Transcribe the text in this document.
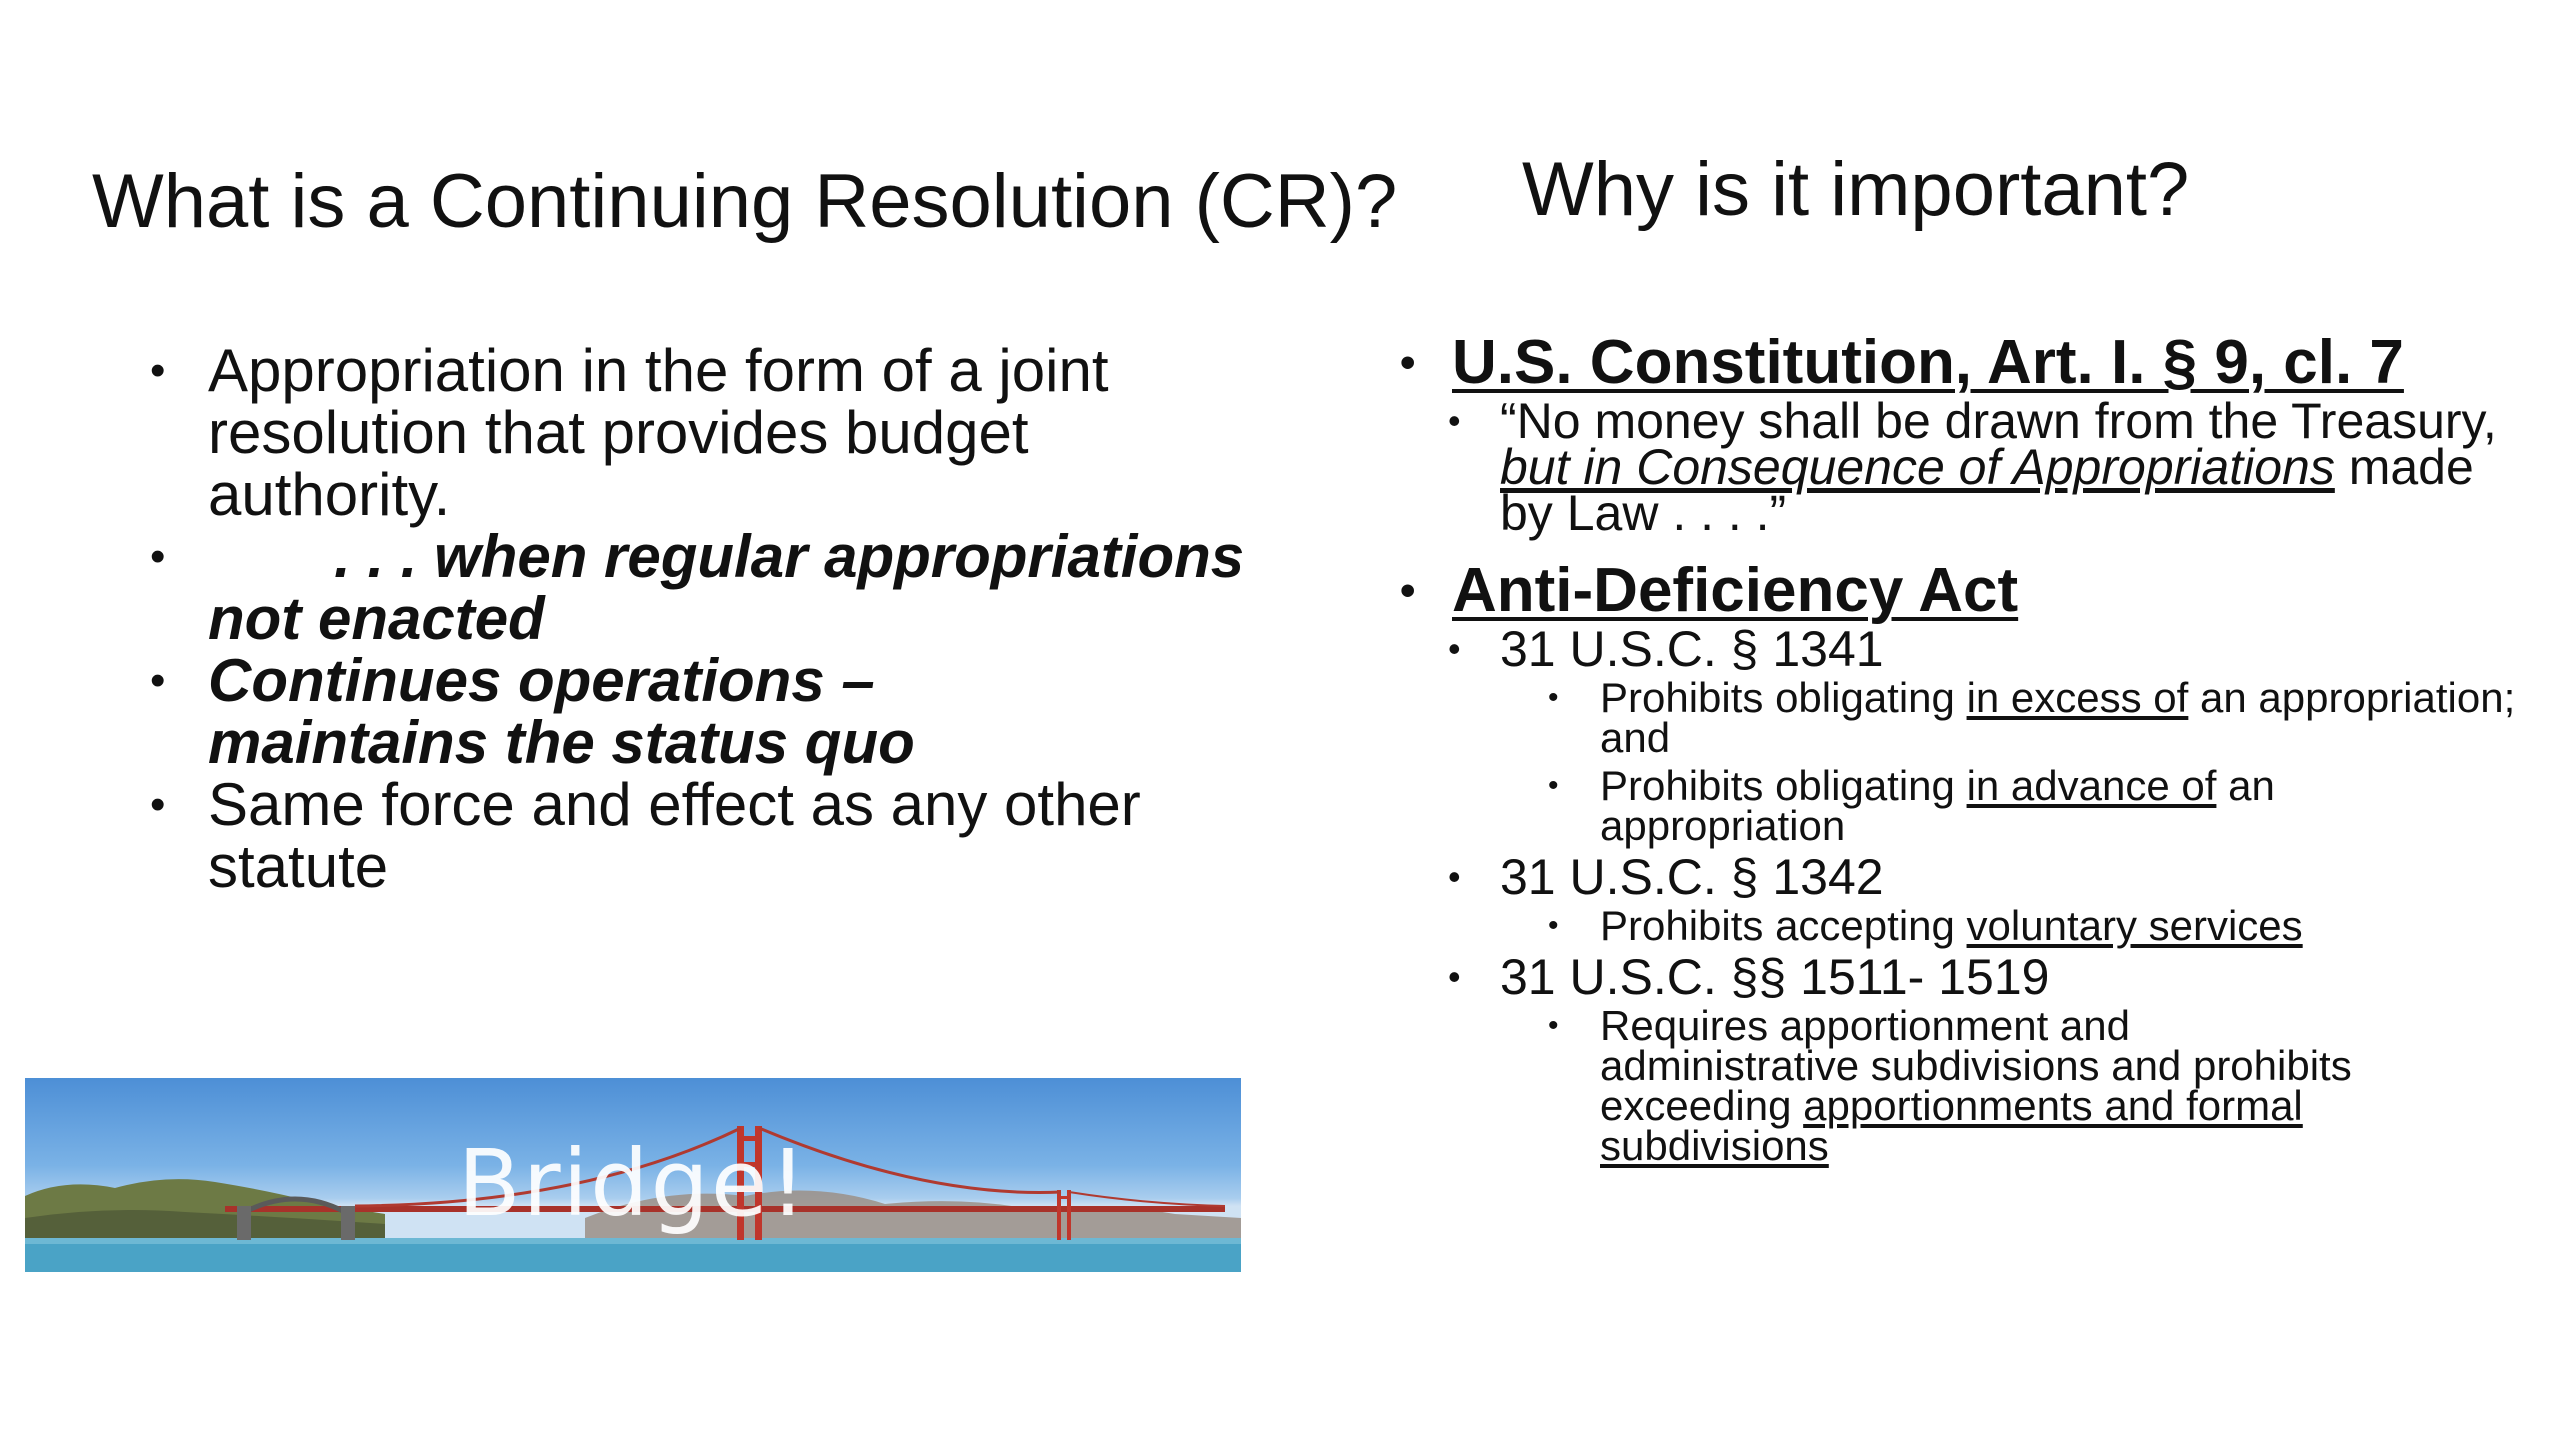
What is a Continuing Resolution (CR)?
• Appropriation in the form of a joint resolution that provides budget authority.
•	. . . when regular appropriations not enacted
• Continues operations – maintains the status quo
• Same force and effect as any other statute
Why is it important?
• U.S. Constitution, Art. I. § 9, cl. 7
• “No money shall be drawn from the Treasury, but in Consequence of Appropriations made by Law . . . .”
• Anti-Deficiency Act
• 31 U.S.C. § 1341
• Prohibits obligating in excess of an appropriation; and
• Prohibits obligating in advance of an appropriation
• 31 U.S.C. § 1342
• Prohibits accepting voluntary services
• 31 U.S.C. §§ 1511- 1519
• Requires apportionment and administrative subdivisions and prohibits exceeding apportionments and formal subdivisions
Bridge!
